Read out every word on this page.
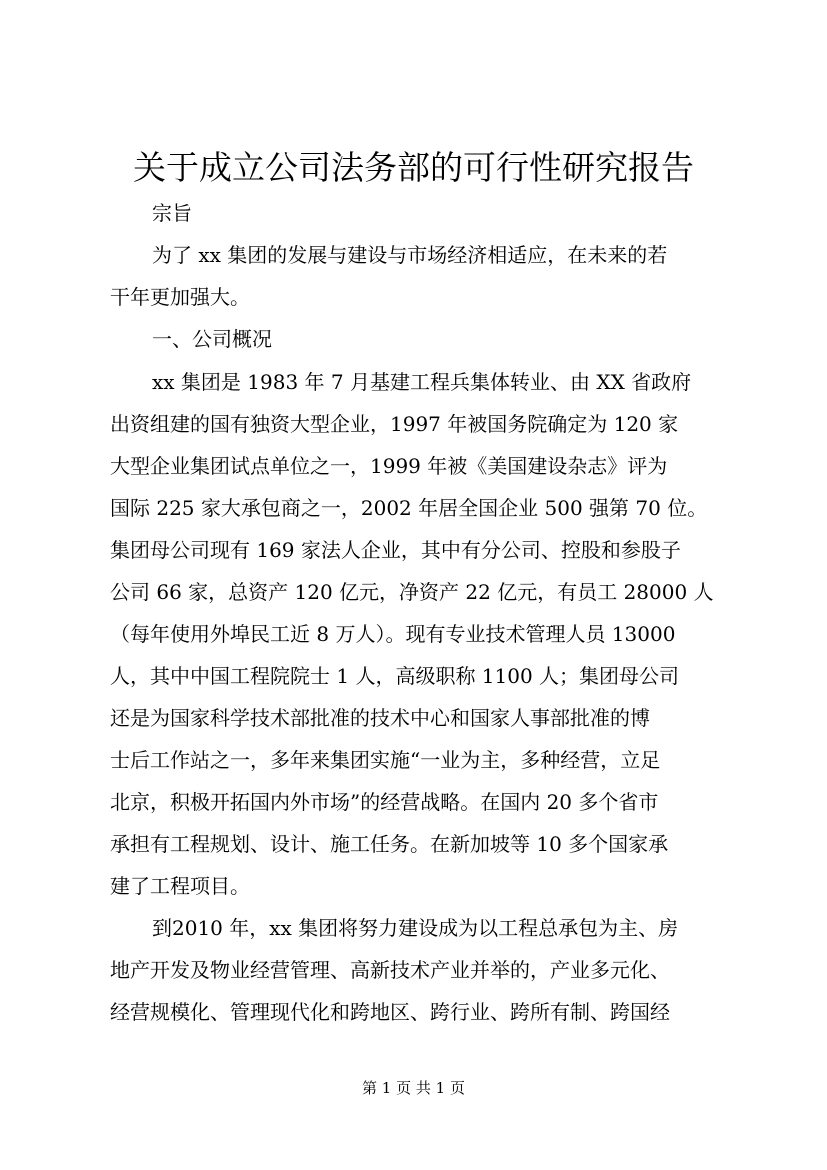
关于成立公司法务部的可行性研究报告
宗旨
为了 xx 集团的发展与建设与市场经济相适应，在未来的若
干年更加强大。
一、公司概况
xx 集团是 1983 年 7 月基建工程兵集体转业、由 XX 省政府
出资组建的国有独资大型企业，1997 年被国务院确定为 120 家
大型企业集团试点单位之一，1999 年被《美国建设杂志》评为
国际 225 家大承包商之一，2002 年居全国企业 500 强第 70 位。
集团母公司现有 169 家法人企业，其中有分公司、控股和参股子
公司 66 家，总资产 120 亿元，净资产 22 亿元，有员工 28000 人
（每年使用外埠民工近 8 万人）。现有专业技术管理人员 13000
人，其中中国工程院院士 1 人，高级职称 1100 人；集团母公司
还是为国家科学技术部批准的技术中心和国家人事部批准的博
士后工作站之一，多年来集团实施“一业为主，多种经营，立足
北京，积极开拓国内外市场”的经营战略。在国内 20 多个省市
承担有工程规划、设计、施工任务。在新加坡等 10 多个国家承
建了工程项目。
到2010 年，xx 集团将努力建设成为以工程总承包为主、房
地产开发及物业经营管理、高新技术产业并举的，产业多元化、
经营规模化、管理现代化和跨地区、跨行业、跨所有制、跨国经
第 1 页 共 1 页
